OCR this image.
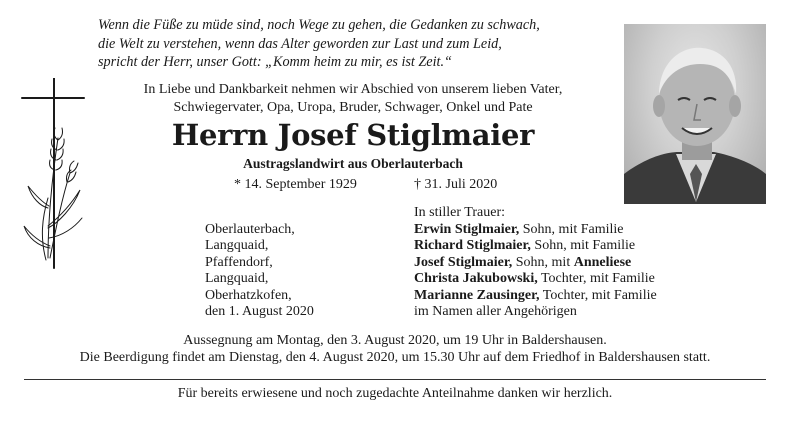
Wenn die Füße zu müde sind, noch Wege zu gehen, die Gedanken zu schwach,
die Welt zu verstehen, wenn das Alter geworden zur Last und zum Leid,
spricht der Herr, unser Gott: „Komm heim zu mir, es ist Zeit.“
In Liebe und Dankbarkeit nehmen wir Abschied von unserem lieben Vater,
Schwiegervater, Opa, Uropa, Bruder, Schwager, Onkel und Pate
Herrn Josef Stiglmaier
Austragslandwirt aus Oberlauterbach
* 14. September 1929	† 31. Juli 2020
Oberlauterbach,
Langquaid,
Pfaffendorf,
Langquaid,
Oberhatzkofen,
den 1. August 2020
In stiller Trauer:
Erwin Stiglmaier, Sohn, mit Familie
Richard Stiglmaier, Sohn, mit Familie
Josef Stiglmaier, Sohn, mit Anneliese
Christa Jakubowski, Tochter, mit Familie
Marianne Zausinger, Tochter, mit Familie
im Namen aller Angehörigen
Aussegnung am Montag, den 3. August 2020, um 19 Uhr in Baldershausen.
Die Beerdigung findet am Dienstag, den 4. August 2020, um 15.30 Uhr auf dem Friedhof in Baldershausen statt.
Für bereits erwiesene und noch zugedachte Anteilnahme danken wir herzlich.
